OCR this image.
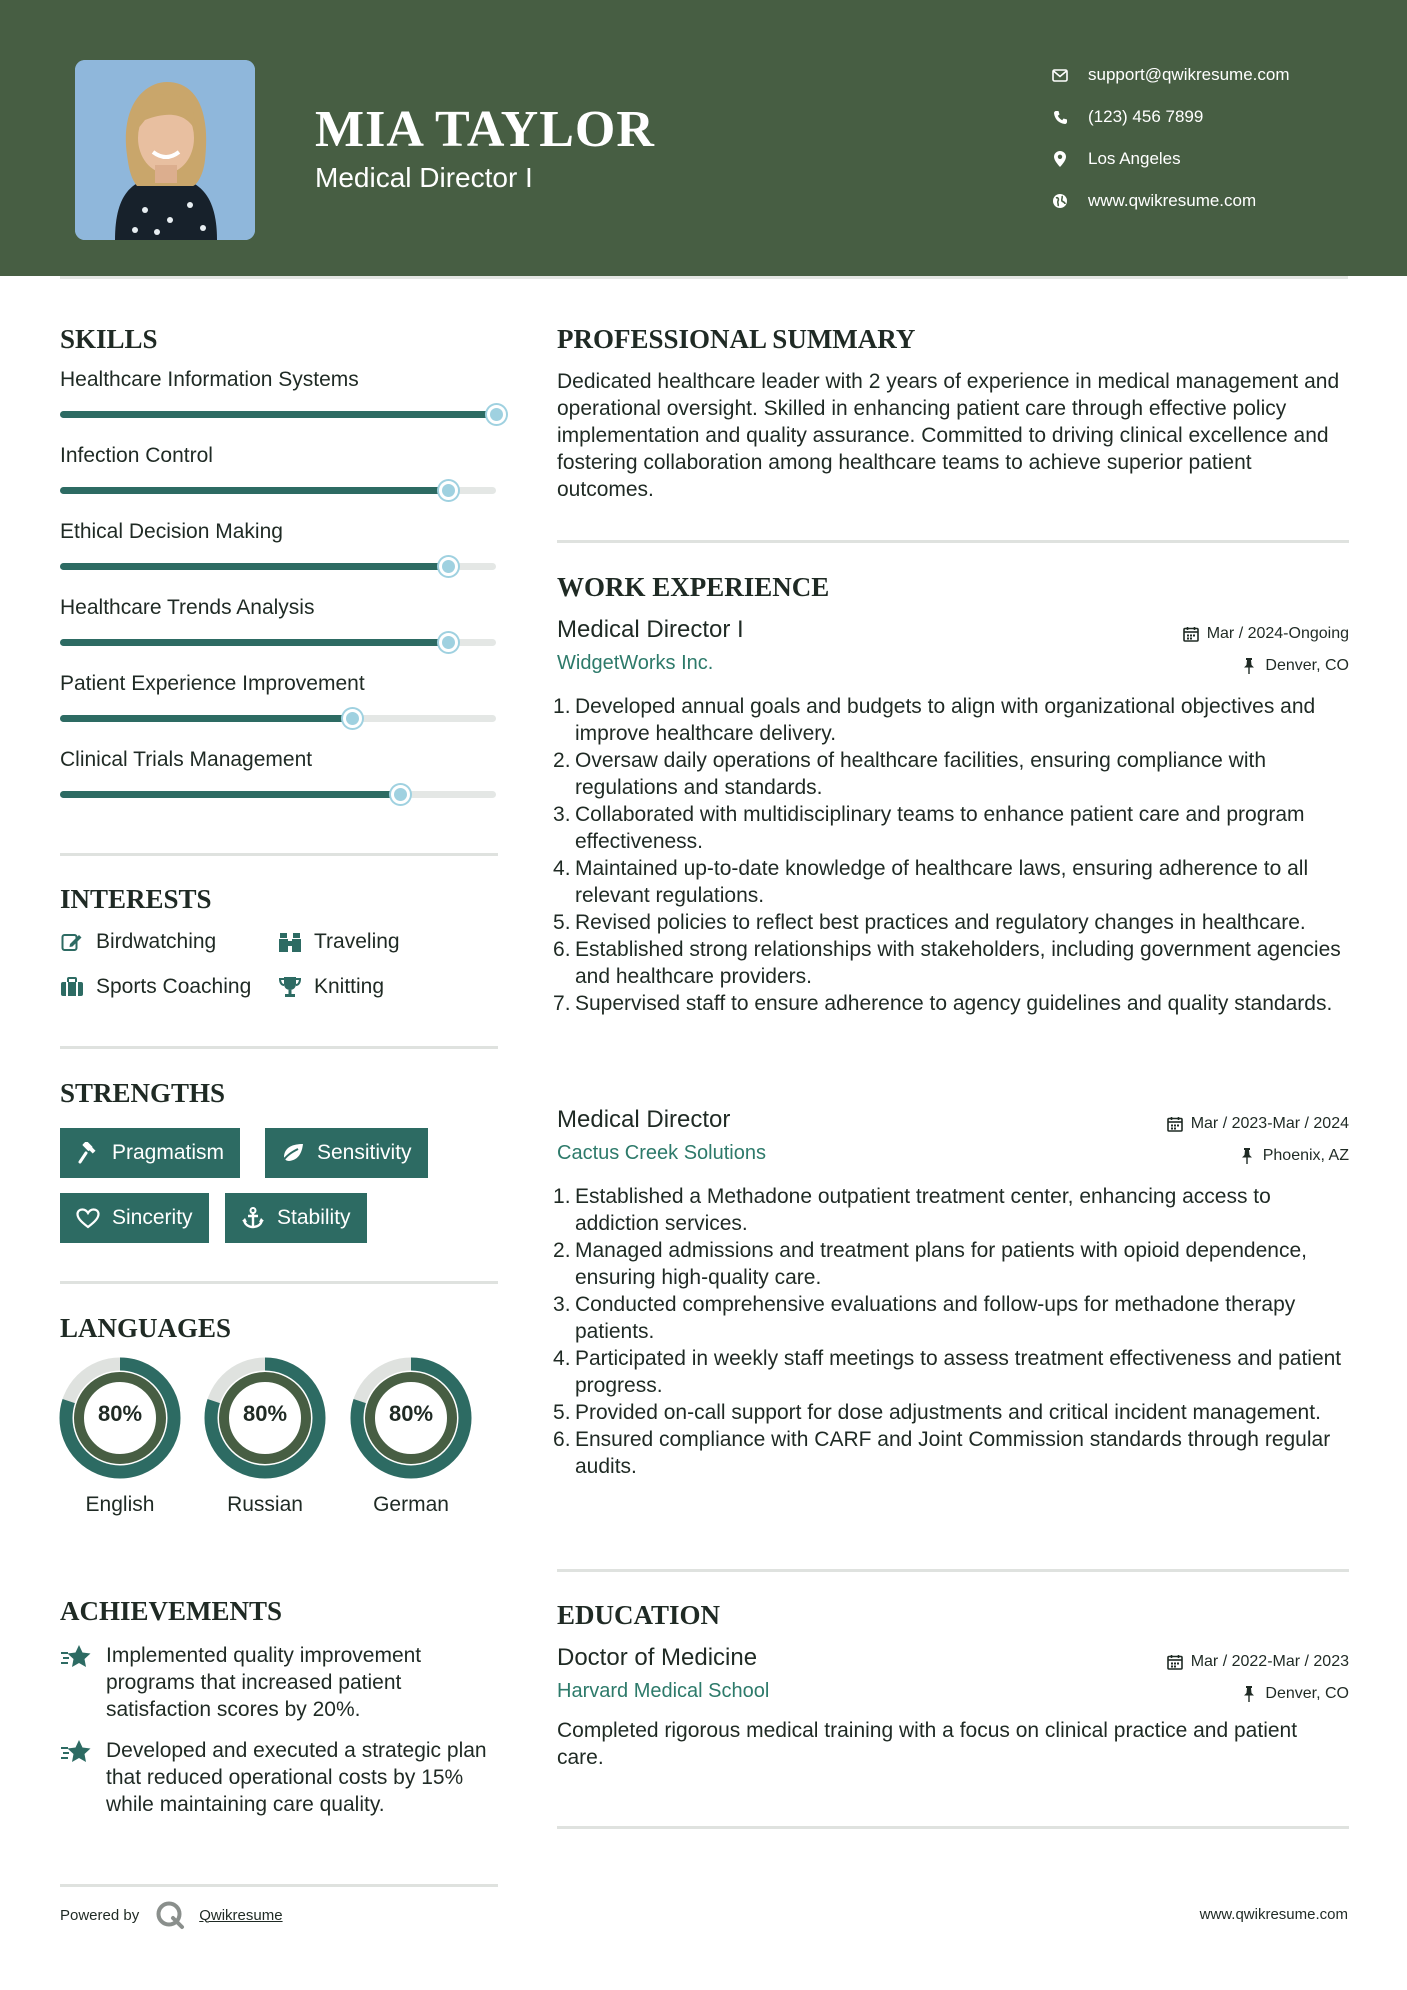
MIA TAYLOR
Medical Director I
support@qwikresume.com
(123) 456 7899
Los Angeles
www.qwikresume.com
SKILLS
Healthcare Information Systems
Infection Control
Ethical Decision Making
Healthcare Trends Analysis
Patient Experience Improvement
Clinical Trials Management
INTERESTS
Birdwatching	Traveling
Sports Coaching	Knitting
STRENGTHS
Pragmatism	Sensitivity
Sincerity	Stability
LANGUAGES
80%
English
80%
Russian
80%
German
ACHIEVEMENTS
Implemented quality improvement programs that increased patient satisfaction scores by 20%.
Developed and executed a strategic plan that reduced operational costs by 15% while maintaining care quality.
PROFESSIONAL SUMMARY
Dedicated healthcare leader with 2 years of experience in medical management and operational oversight. Skilled in enhancing patient care through effective policy implementation and quality assurance. Committed to driving clinical excellence and fostering collaboration among healthcare teams to achieve superior patient outcomes.
WORK EXPERIENCE
Medical Director I
WidgetWorks Inc.
Mar / 2024-Ongoing
Denver, CO
Developed annual goals and budgets to align with organizational objectives and improve healthcare delivery.
Oversaw daily operations of healthcare facilities, ensuring compliance with regulations and standards.
Collaborated with multidisciplinary teams to enhance patient care and program effectiveness.
Maintained up-to-date knowledge of healthcare laws, ensuring adherence to all relevant regulations.
Revised policies to reflect best practices and regulatory changes in healthcare.
Established strong relationships with stakeholders, including government agencies and healthcare providers.
Supervised staff to ensure adherence to agency guidelines and quality standards.
Medical Director
Cactus Creek Solutions
Mar / 2023-Mar / 2024
Phoenix, AZ
Established a Methadone outpatient treatment center, enhancing access to addiction services.
Managed admissions and treatment plans for patients with opioid dependence, ensuring high-quality care.
Conducted comprehensive evaluations and follow-ups for methadone therapy patients.
Participated in weekly staff meetings to assess treatment effectiveness and patient progress.
Provided on-call support for dose adjustments and critical incident management.
Ensured compliance with CARF and Joint Commission standards through regular audits.
EDUCATION
Doctor of Medicine
Harvard Medical School
Mar / 2022-Mar / 2023
Denver, CO
Completed rigorous medical training with a focus on clinical practice and patient care.
Powered by	Qwikresume	www.qwikresume.com
